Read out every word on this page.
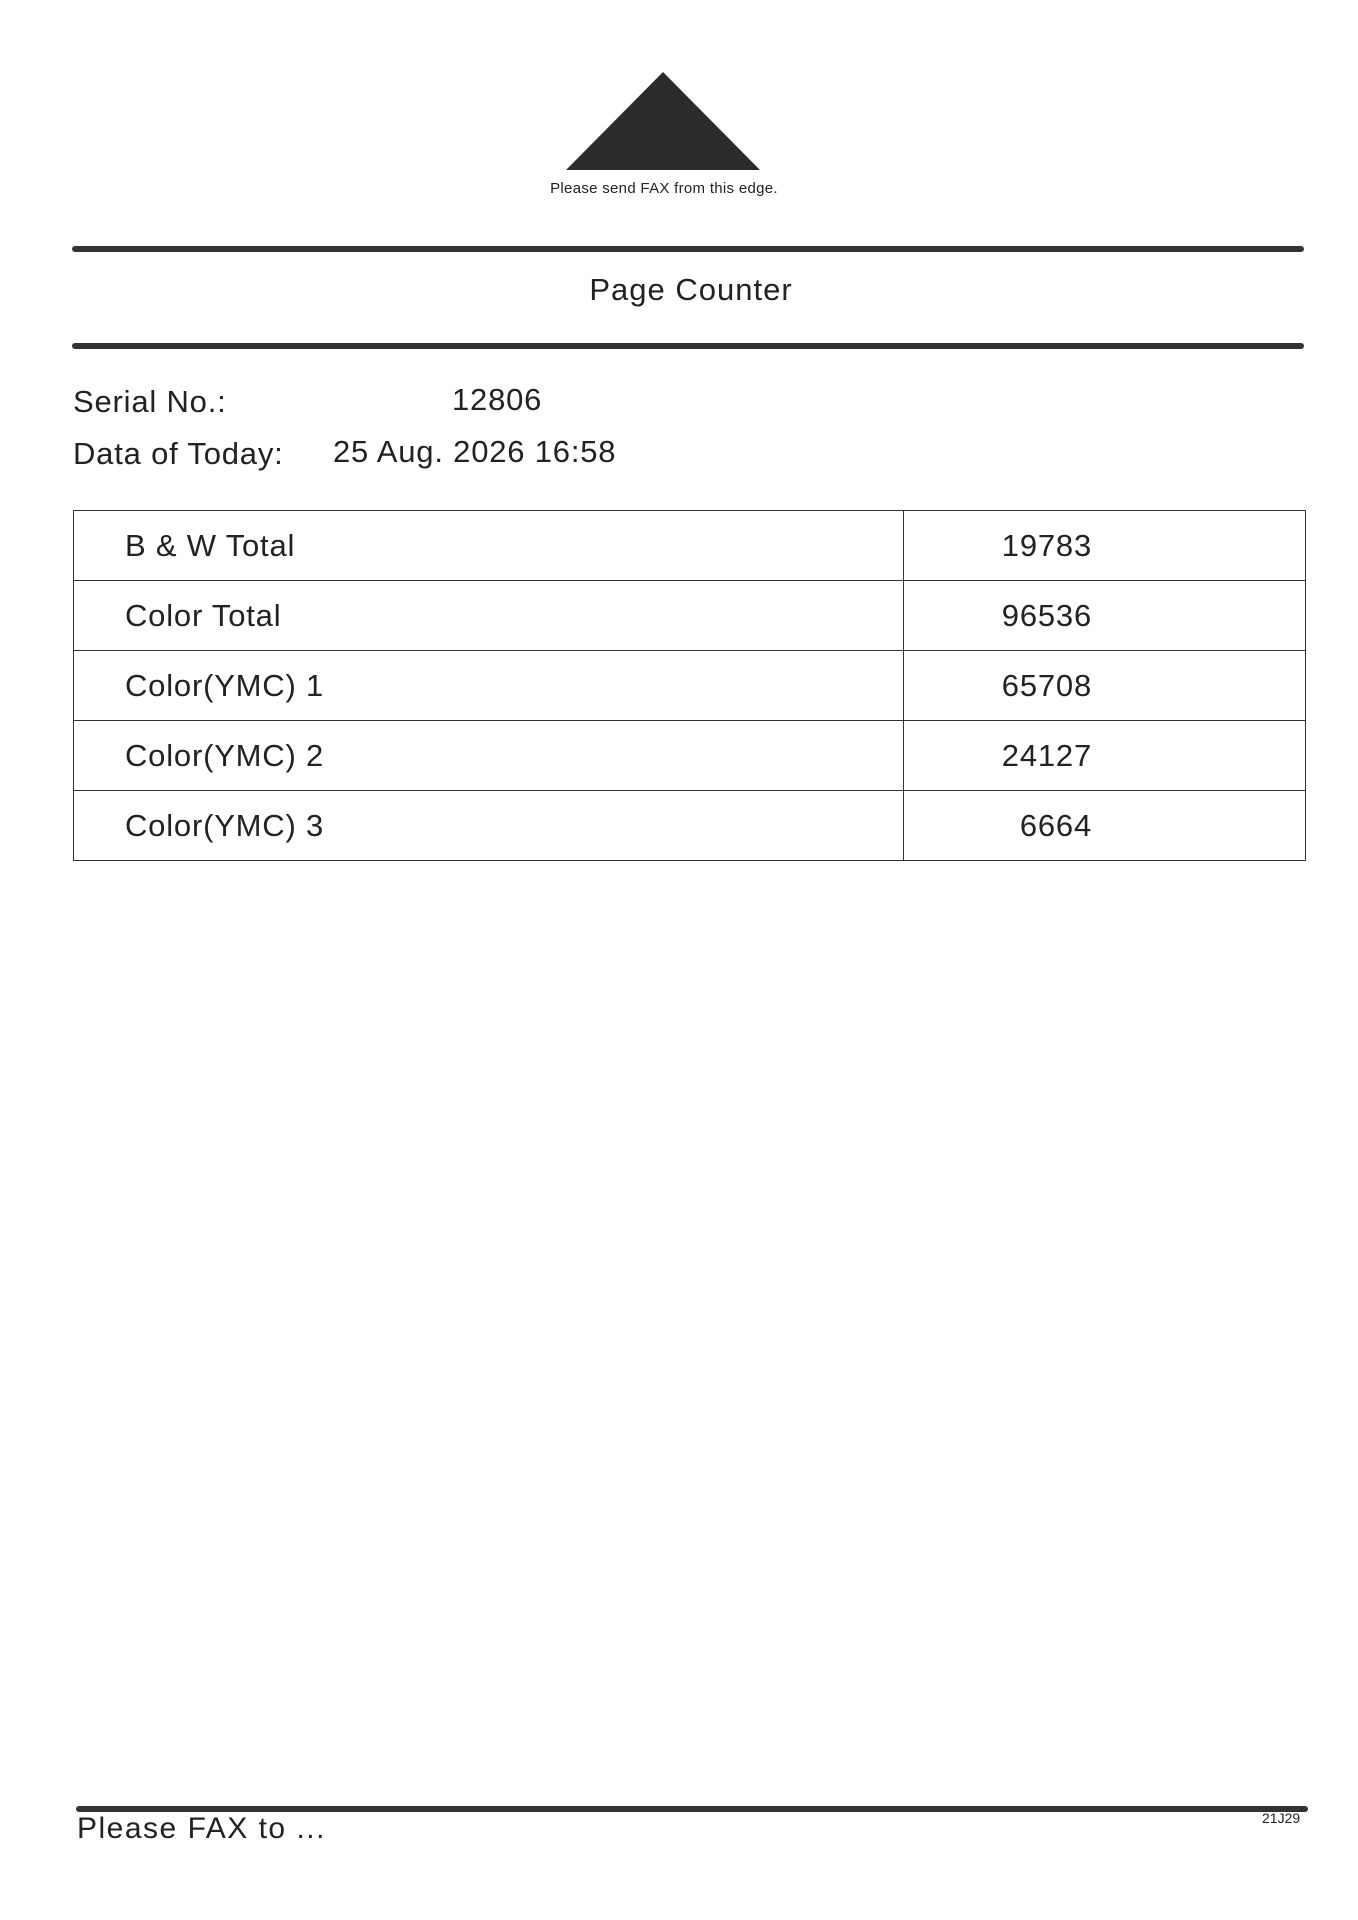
Please send FAX from this edge.
Page Counter
Serial No.:	12806
Data of Today: 25 Aug. 2026 16:58
B & W Total	19783
Color Total	96536
Color(YMC) 1	65708
Color(YMC) 2	24127
Color(YMC) 3	6664
Please FAX to ...	21J29
